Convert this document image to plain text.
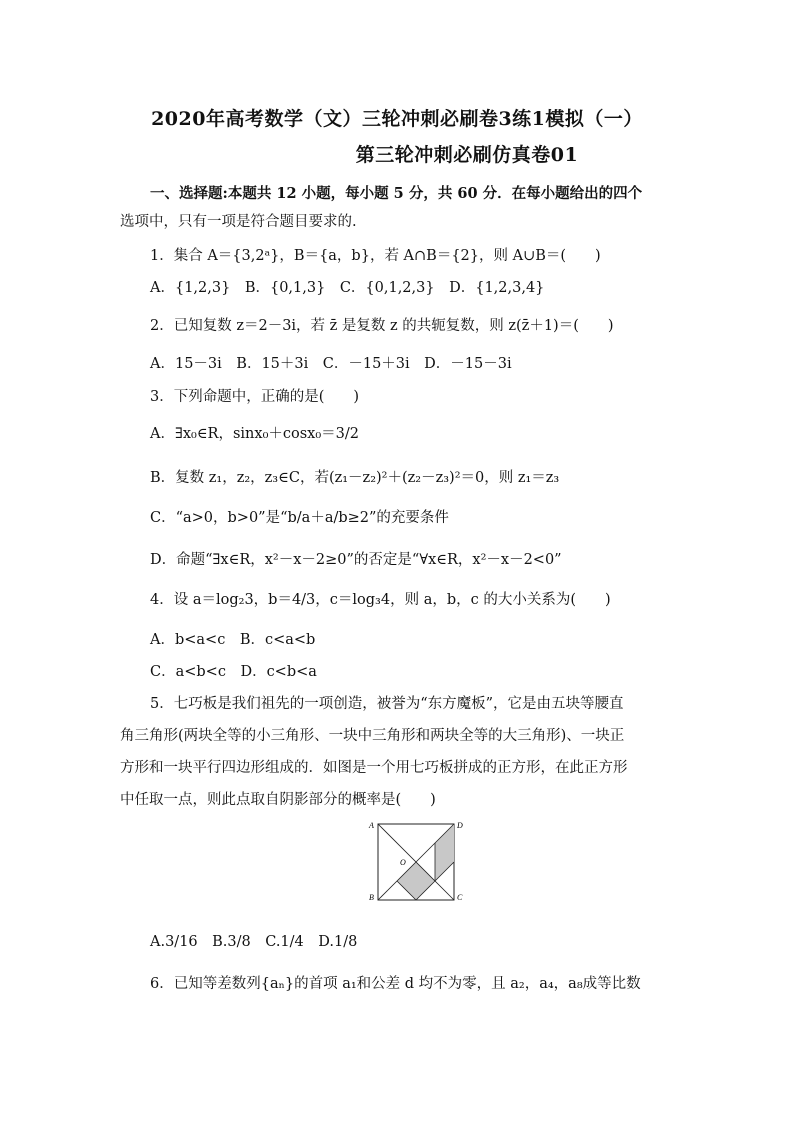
2020年高考数学（文）三轮冲刺必刷卷3练1模拟（一）
第三轮冲刺必刷仿真卷01
一、选择题:本题共 12 小题，每小题 5 分，共 60 分．在每小题给出的四个
选项中，只有一项是符合题目要求的.
1．集合 A＝{3,2ᵃ}，B＝{a，b}，若 A∩B＝{2}，则 A∪B＝(　　)
A．{1,2,3}　B．{0,1,3}　C．{0,1,2,3}　D．{1,2,3,4}
2．已知复数 z＝2－3i，若 z̄ 是复数 z 的共轭复数，则 z(z̄＋1)＝(　　)
A．15－3i　B．15＋3i　C．－15＋3i　D．－15－3i
3．下列命题中，正确的是(　　)
A．∃x₀∈R，sinx₀＋cosx₀＝3/2
B．复数 z₁，z₂，z₃∈C，若(z₁－z₂)²＋(z₂－z₃)²＝0，则 z₁＝z₃
C．“a>0，b>0”是“b/a＋a/b≥2”的充要条件
D．命题“∃x∈R，x²－x－2≥0”的否定是“∀x∈R，x²－x－2<0”
4．设 a＝log₂3，b＝4/3，c＝log₃4，则 a，b，c 的大小关系为(　　)
A．b<a<c　B．c<a<b
C．a<b<c　D．c<b<a
5．七巧板是我们祖先的一项创造，被誉为“东方魔板”，它是由五块等腰直
角三角形(两块全等的小三角形、一块中三角形和两块全等的大三角形)、一块正
方形和一块平行四边形组成的．如图是一个用七巧板拼成的正方形，在此正方形
中任取一点，则此点取自阴影部分的概率是(　　)
A	D
O
B	C
A.3/16　B.3/8　C.1/4　D.1/8
6．已知等差数列{aₙ}的首项 a₁和公差 d 均不为零，且 a₂，a₄，a₈成等比数
